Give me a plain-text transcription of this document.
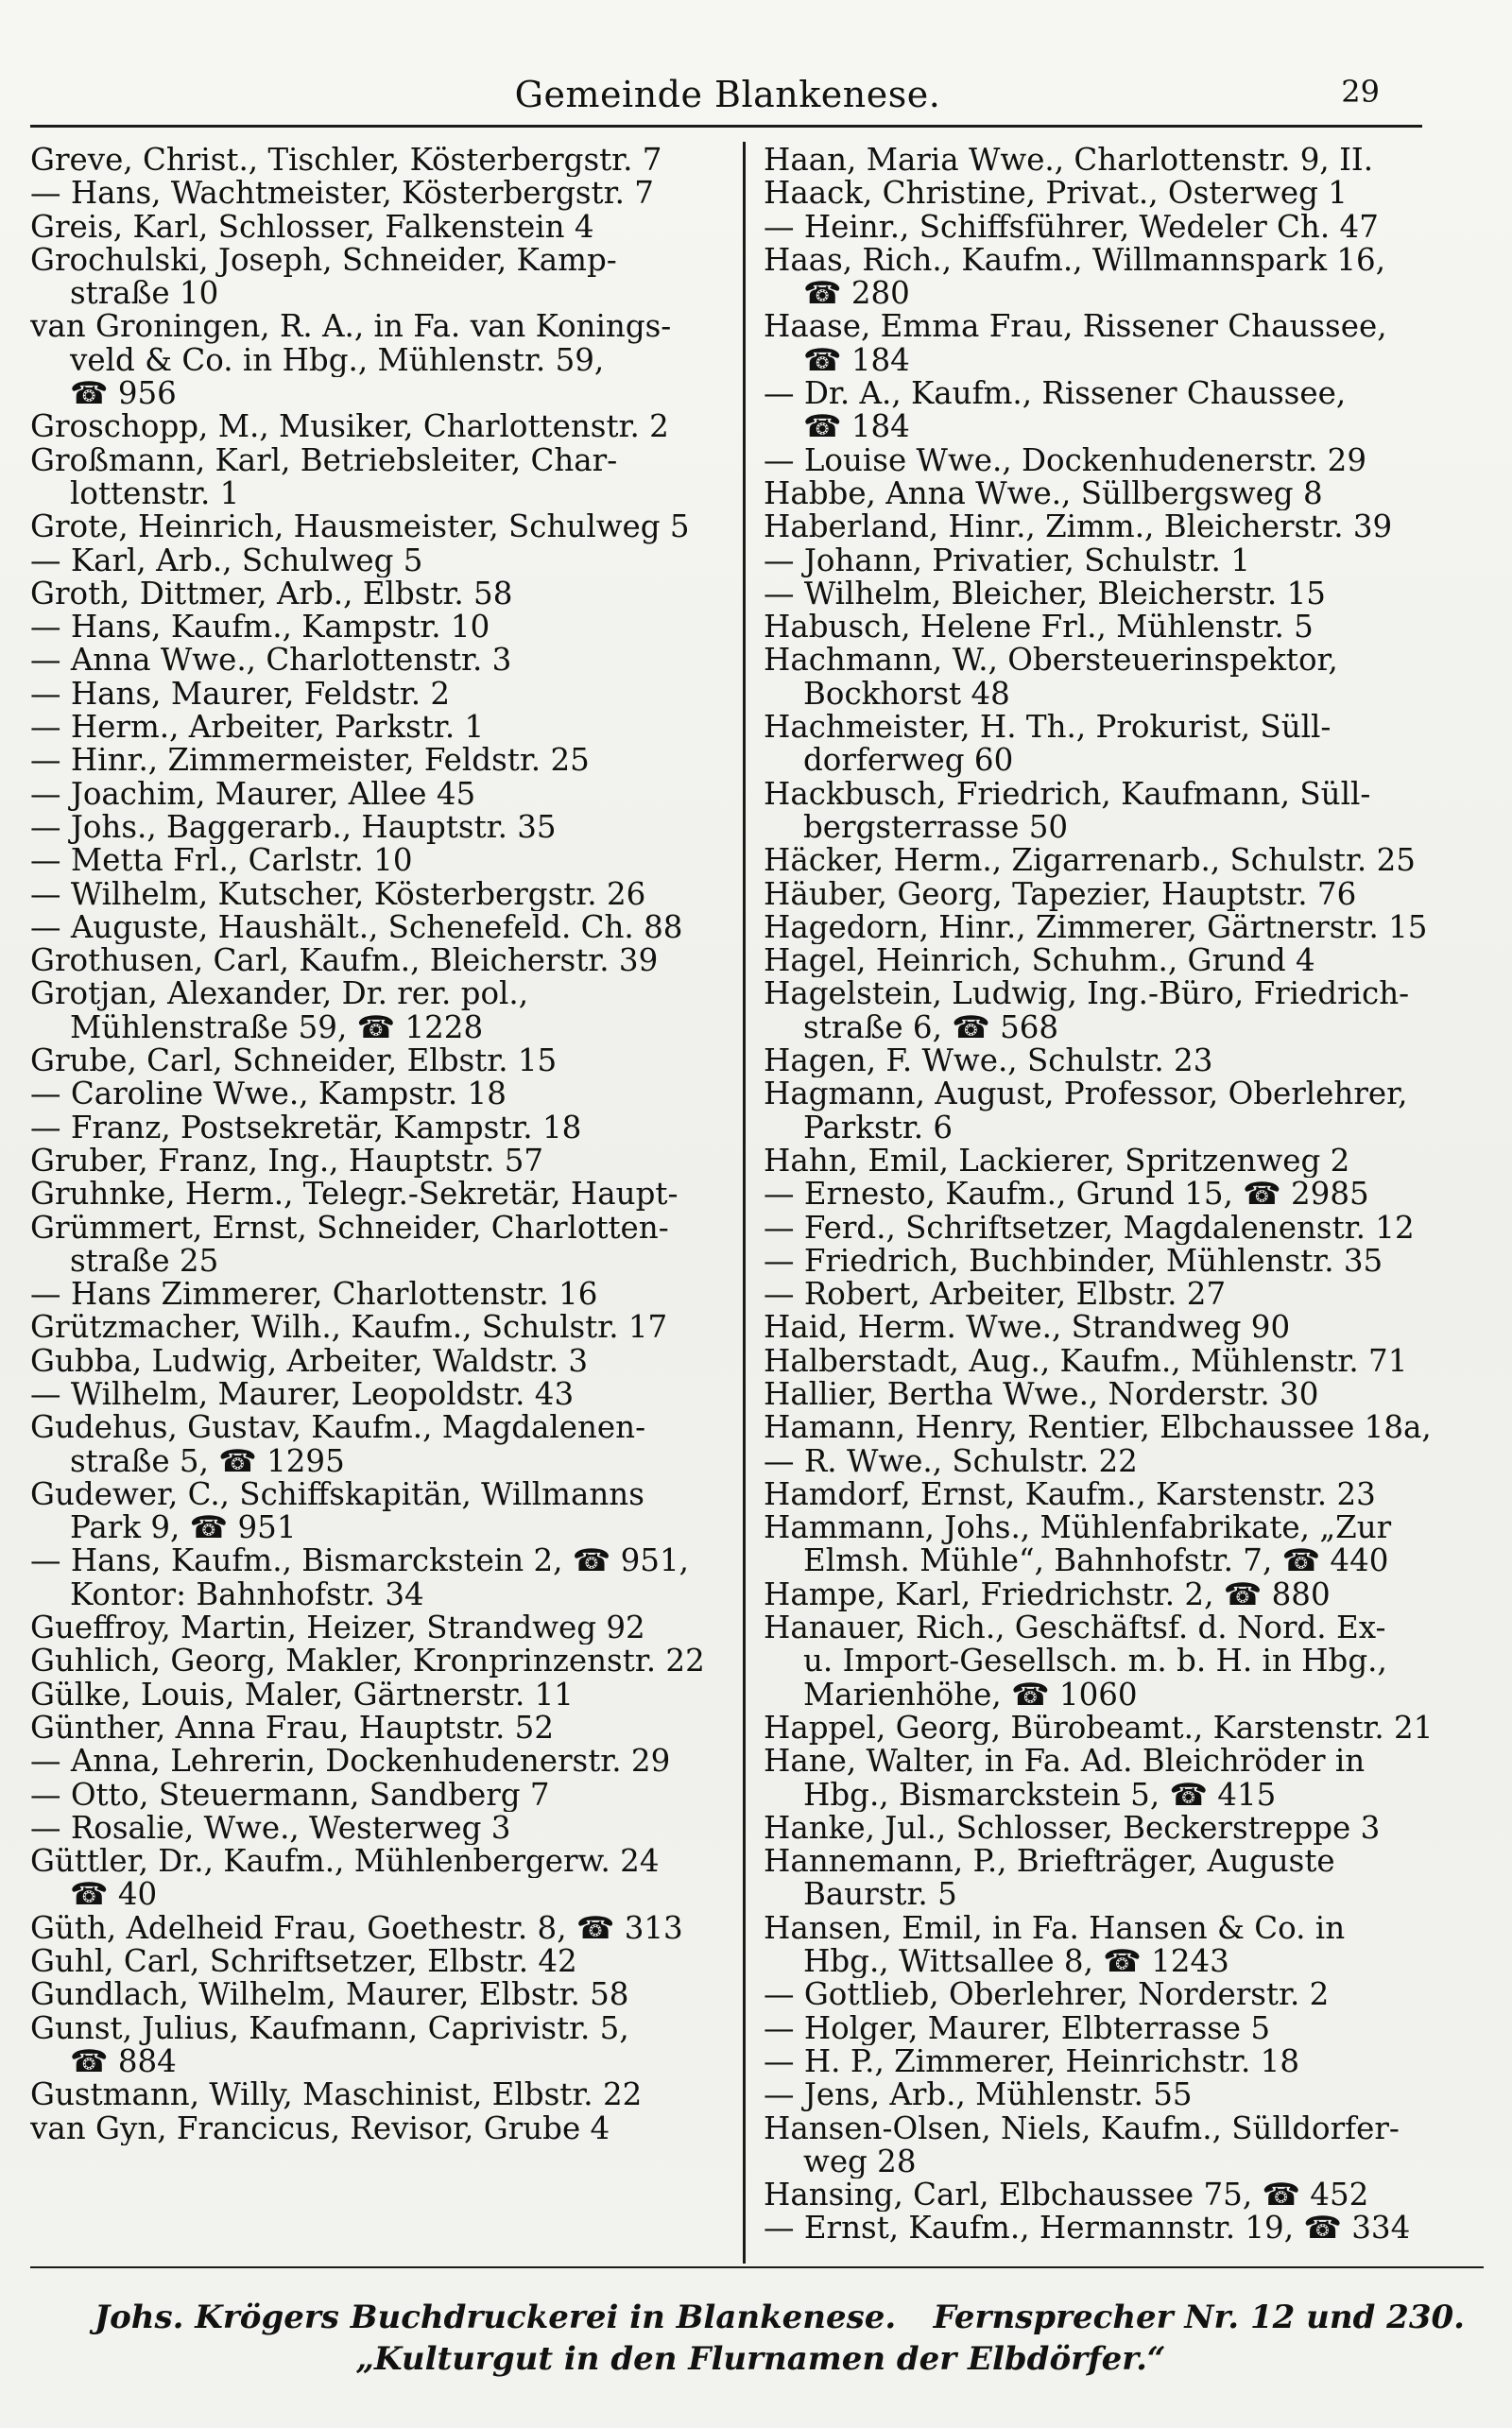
Gemeinde Blankenese.	29
Greve, Christ., Tischler, Kösterbergstr. 7
— Hans, Wachtmeister, Kösterbergstr. 7
Greis, Karl, Schlosser, Falkenstein 4
Grochulski, Joseph, Schneider, Kamp-
straße 10
van Groningen, R. A., in Fa. van Konings-
veld & Co. in Hbg., Mühlenstr. 59,
☎ 956
Groschopp, M., Musiker, Charlottenstr. 2
Großmann, Karl, Betriebsleiter, Char-
lottenstr. 1
Grote, Heinrich, Hausmeister, Schulweg 5
— Karl, Arb., Schulweg 5
Groth, Dittmer, Arb., Elbstr. 58
— Hans, Kaufm., Kampstr. 10
— Anna Wwe., Charlottenstr. 3
— Hans, Maurer, Feldstr. 2
— Herm., Arbeiter, Parkstr. 1
— Hinr., Zimmermeister, Feldstr. 25
— Joachim, Maurer, Allee 45
— Johs., Baggerarb., Hauptstr. 35
— Metta Frl., Carlstr. 10
— Wilhelm, Kutscher, Kösterbergstr. 26
— Auguste, Haushält., Schenefeld. Ch. 88
Grothusen, Carl, Kaufm., Bleicherstr. 39
Grotjan, Alexander, Dr. rer. pol.,
Mühlenstraße 59, ☎ 1228
Grube, Carl, Schneider, Elbstr. 15
— Caroline Wwe., Kampstr. 18
— Franz, Postsekretär, Kampstr. 18
Gruber, Franz, Ing., Hauptstr. 57
Gruhnke, Herm., Telegr.-Sekretär, Haupt-
Grümmert, Ernst, Schneider, Charlotten-
straße 25
— Hans Zimmerer, Charlottenstr. 16
Grützmacher, Wilh., Kaufm., Schulstr. 17
Gubba, Ludwig, Arbeiter, Waldstr. 3
— Wilhelm, Maurer, Leopoldstr. 43
Gudehus, Gustav, Kaufm., Magdalenen-
straße 5, ☎ 1295
Gudewer, C., Schiffskapitän, Willmanns
Park 9, ☎ 951
— Hans, Kaufm., Bismarckstein 2, ☎ 951,
Kontor: Bahnhofstr. 34
Gueffroy, Martin, Heizer, Strandweg 92
Guhlich, Georg, Makler, Kronprinzenstr. 22
Gülke, Louis, Maler, Gärtnerstr. 11
Günther, Anna Frau, Hauptstr. 52
— Anna, Lehrerin, Dockenhudenerstr. 29
— Otto, Steuermann, Sandberg 7
— Rosalie, Wwe., Westerweg 3
Güttler, Dr., Kaufm., Mühlenbergerw. 24
☎ 40
Güth, Adelheid Frau, Goethestr. 8, ☎ 313
Guhl, Carl, Schriftsetzer, Elbstr. 42
Gundlach, Wilhelm, Maurer, Elbstr. 58
Gunst, Julius, Kaufmann, Caprivistr. 5,
☎ 884
Gustmann, Willy, Maschinist, Elbstr. 22
van Gyn, Francicus, Revisor, Grube 4
Haan, Maria Wwe., Charlottenstr. 9, II.
Haack, Christine, Privat., Osterweg 1
— Heinr., Schiffsführer, Wedeler Ch. 47
Haas, Rich., Kaufm., Willmannspark 16,
☎ 280
Haase, Emma Frau, Rissener Chaussee,
☎ 184
— Dr. A., Kaufm., Rissener Chaussee,
☎ 184
— Louise Wwe., Dockenhudenerstr. 29
Habbe, Anna Wwe., Süllbergsweg 8
Haberland, Hinr., Zimm., Bleicherstr. 39
— Johann, Privatier, Schulstr. 1
— Wilhelm, Bleicher, Bleicherstr. 15
Habusch, Helene Frl., Mühlenstr. 5
Hachmann, W., Obersteuerinspektor,
Bockhorst 48
Hachmeister, H. Th., Prokurist, Süll-
dorferweg 60
Hackbusch, Friedrich, Kaufmann, Süll-
bergsterrasse 50
Häcker, Herm., Zigarrenarb., Schulstr. 25
Häuber, Georg, Tapezier, Hauptstr. 76
Hagedorn, Hinr., Zimmerer, Gärtnerstr. 15
Hagel, Heinrich, Schuhm., Grund 4
Hagelstein, Ludwig, Ing.-Büro, Friedrich-
straße 6, ☎ 568
Hagen, F. Wwe., Schulstr. 23
Hagmann, August, Professor, Oberlehrer,
Parkstr. 6
Hahn, Emil, Lackierer, Spritzenweg 2
— Ernesto, Kaufm., Grund 15, ☎ 2985
— Ferd., Schriftsetzer, Magdalenenstr. 12
— Friedrich, Buchbinder, Mühlenstr. 35
— Robert, Arbeiter, Elbstr. 27
Haid, Herm. Wwe., Strandweg 90
Halberstadt, Aug., Kaufm., Mühlenstr. 71
Hallier, Bertha Wwe., Norderstr. 30
Hamann, Henry, Rentier, Elbchaussee 18a,
— R. Wwe., Schulstr. 22
Hamdorf, Ernst, Kaufm., Karstenstr. 23
Hammann, Johs., Mühlenfabrikate, „Zur
Elmsh. Mühle“, Bahnhofstr. 7, ☎ 440
Hampe, Karl, Friedrichstr. 2, ☎ 880
Hanauer, Rich., Geschäftsf. d. Nord. Ex-
u. Import-Gesellsch. m. b. H. in Hbg.,
Marienhöhe, ☎ 1060
Happel, Georg, Bürobeamt., Karstenstr. 21
Hane, Walter, in Fa. Ad. Bleichröder in
Hbg., Bismarckstein 5, ☎ 415
Hanke, Jul., Schlosser, Beckerstreppe 3
Hannemann, P., Briefträger, Auguste
Baurstr. 5
Hansen, Emil, in Fa. Hansen & Co. in
Hbg., Wittsallee 8, ☎ 1243
— Gottlieb, Oberlehrer, Norderstr. 2
— Holger, Maurer, Elbterrasse 5
— H. P., Zimmerer, Heinrichstr. 18
— Jens, Arb., Mühlenstr. 55
Hansen-Olsen, Niels, Kaufm., Sülldorfer-
weg 28
Hansing, Carl, Elbchaussee 75, ☎ 452
— Ernst, Kaufm., Hermannstr. 19, ☎ 334
Johs. Krögers Buchdruckerei in Blankenese. Fernsprecher Nr. 12 und 230.
„Kulturgut in den Flurnamen der Elbdörfer.“
